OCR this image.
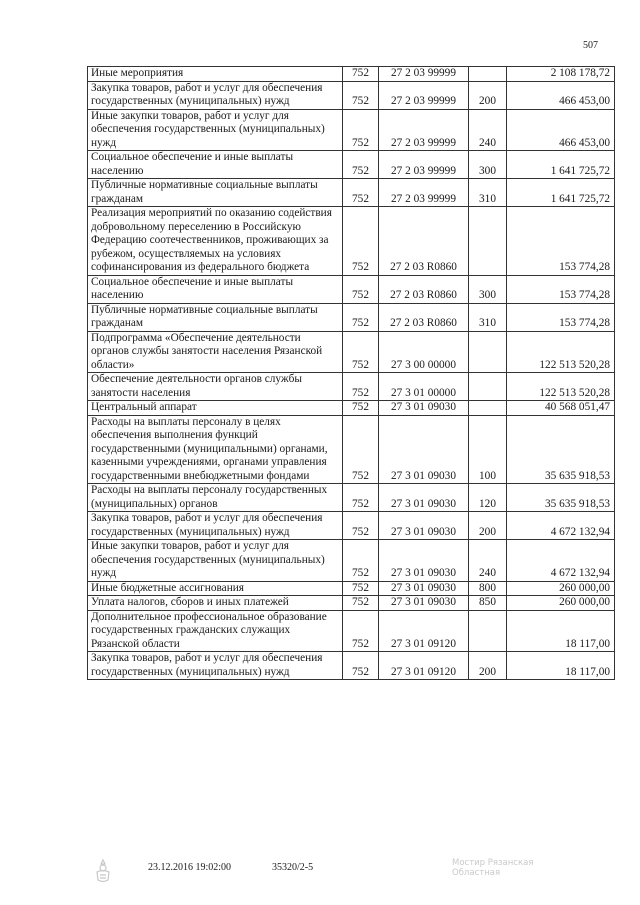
507
Иные мероприятия	752	27 2 03 99999		2 108 178,72
Закупка товаров, работ и услуг для обеспечения государственных (муниципальных) нужд	752	27 2 03 99999	200	466 453,00
Иные закупки товаров, работ и услуг для обеспечения государственных (муниципальных) нужд	752	27 2 03 99999	240	466 453,00
Социальное обеспечение и иные выплаты населению	752	27 2 03 99999	300	1 641 725,72
Публичные нормативные социальные выплаты гражданам	752	27 2 03 99999	310	1 641 725,72
Реализация мероприятий по оказанию содействия добровольному переселению в Российскую Федерацию соотечественников, проживающих за рубежом, осуществляемых на условиях софинансирования из федерального бюджета	752	27 2 03 R0860		153 774,28
Социальное обеспечение и иные выплаты населению	752	27 2 03 R0860	300	153 774,28
Публичные нормативные социальные выплаты гражданам	752	27 2 03 R0860	310	153 774,28
Подпрограмма «Обеспечение деятельности органов службы занятости населения Рязанской области»	752	27 3 00 00000		122 513 520,28
Обеспечение деятельности органов службы занятости населения	752	27 3 01 00000		122 513 520,28
Центральный аппарат	752	27 3 01 09030		40 568 051,47
Расходы на выплаты персоналу в целях обеспечения выполнения функций государственными (муниципальными) органами, казенными учреждениями, органами управления государственными внебюджетными фондами	752	27 3 01 09030	100	35 635 918,53
Расходы на выплаты персоналу государственных (муниципальных) органов	752	27 3 01 09030	120	35 635 918,53
Закупка товаров, работ и услуг для обеспечения государственных (муниципальных) нужд	752	27 3 01 09030	200	4 672 132,94
Иные закупки товаров, работ и услуг для обеспечения государственных (муниципальных) нужд	752	27 3 01 09030	240	4 672 132,94
Иные бюджетные ассигнования	752	27 3 01 09030	800	260 000,00
Уплата налогов, сборов и иных платежей	752	27 3 01 09030	850	260 000,00
Дополнительное профессиональное образование государственных гражданских служащих Рязанской области	752	27 3 01 09120		18 117,00
Закупка товаров, работ и услуг для обеспечения государственных (муниципальных) нужд	752	27 3 01 09120	200	18 117,00
23.12.2016 19:02:00	35320/2-5	Мостир Рязанская
Областная
